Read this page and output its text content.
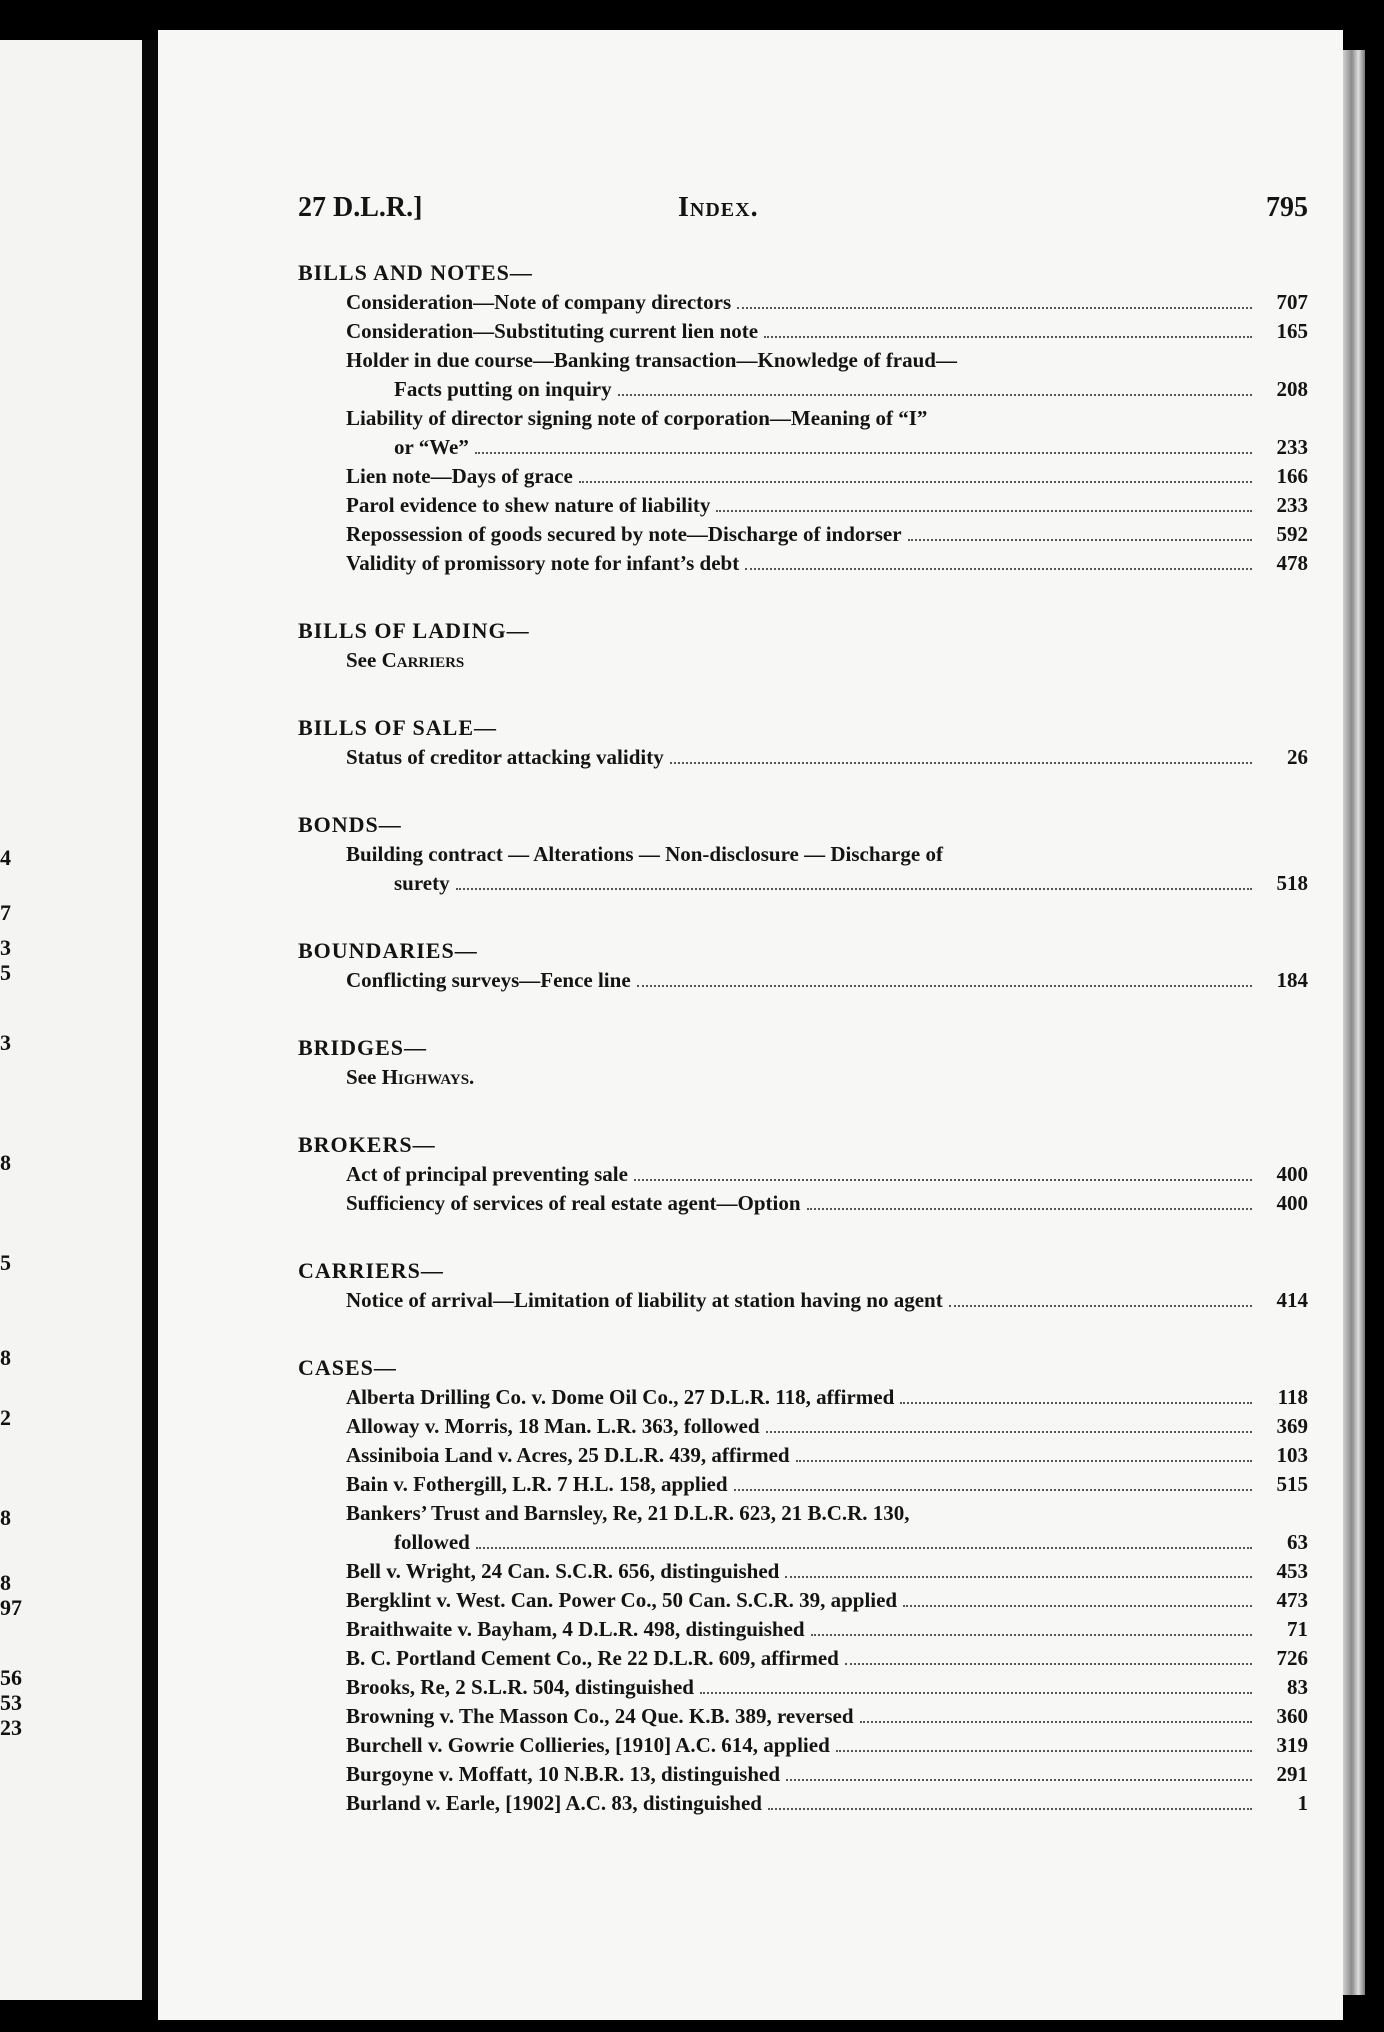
4
7
3
5
3
8
5
8
2
8
8
97
56
53
23
27 D.L.R.]	Index.	795
BILLS AND NOTES—
Consideration—Note of company directors	707
Consideration—Substituting current lien note	165
Holder in due course—Banking transaction—Knowledge of fraud—
Facts putting on inquiry	208
Liability of director signing note of corporation—Meaning of “I”
or “We”	233
Lien note—Days of grace	166
Parol evidence to shew nature of liability	233
Repossession of goods secured by note—Discharge of indorser	592
Validity of promissory note for infant’s debt	478
BILLS OF LADING—
See Carriers
BILLS OF SALE—
Status of creditor attacking validity	26
BONDS—
Building contract — Alterations — Non-disclosure — Discharge of
surety	518
BOUNDARIES—
Conflicting surveys—Fence line	184
BRIDGES—
See Highways.
BROKERS—
Act of principal preventing sale	400
Sufficiency of services of real estate agent—Option	400
CARRIERS—
Notice of arrival—Limitation of liability at station having no agent	414
CASES—
Alberta Drilling Co. v. Dome Oil Co., 27 D.L.R. 118, affirmed	118
Alloway v. Morris, 18 Man. L.R. 363, followed	369
Assiniboia Land v. Acres, 25 D.L.R. 439, affirmed	103
Bain v. Fothergill, L.R. 7 H.L. 158, applied	515
Bankers’ Trust and Barnsley, Re, 21 D.L.R. 623, 21 B.C.R. 130,
followed	63
Bell v. Wright, 24 Can. S.C.R. 656, distinguished	453
Bergklint v. West. Can. Power Co., 50 Can. S.C.R. 39, applied	473
Braithwaite v. Bayham, 4 D.L.R. 498, distinguished	71
B. C. Portland Cement Co., Re 22 D.L.R. 609, affirmed	726
Brooks, Re, 2 S.L.R. 504, distinguished	83
Browning v. The Masson Co., 24 Que. K.B. 389, reversed	360
Burchell v. Gowrie Collieries, [1910] A.C. 614, applied	319
Burgoyne v. Moffatt, 10 N.B.R. 13, distinguished	291
Burland v. Earle, [1902] A.C. 83, distinguished	1
